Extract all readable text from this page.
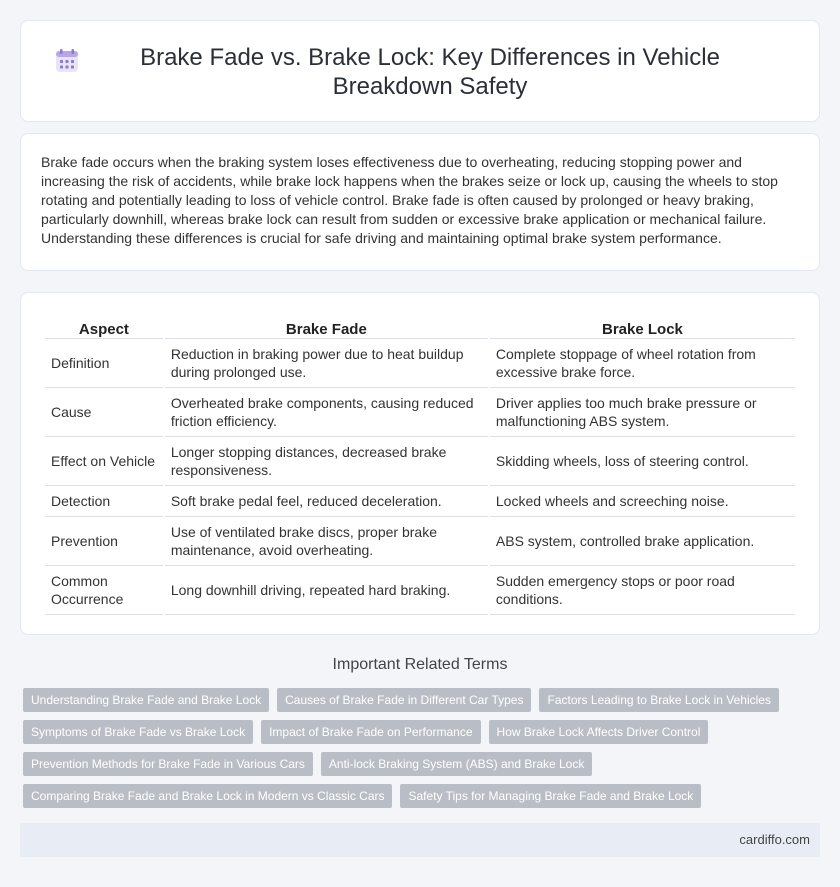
Brake Fade vs. Brake Lock: Key Differences in Vehicle Breakdown Safety

Brake fade occurs when the braking system loses effectiveness due to overheating, reducing stopping power and increasing the risk of accidents, while brake lock happens when the brakes seize or lock up, causing the wheels to stop rotating and potentially leading to loss of vehicle control. Brake fade is often caused by prolonged or heavy braking, particularly downhill, whereas brake lock can result from sudden or excessive brake application or mechanical failure. Understanding these differences is crucial for safe driving and maintaining optimal brake system performance.

Aspect	Brake Fade	Brake Lock
Definition	Reduction in braking power due to heat buildup during prolonged use.	Complete stoppage of wheel rotation from excessive brake force.
Cause	Overheated brake components, causing reduced friction efficiency.	Driver applies too much brake pressure or malfunctioning ABS system.
Effect on Vehicle	Longer stopping distances, decreased brake responsiveness.	Skidding wheels, loss of steering control.
Detection	Soft brake pedal feel, reduced deceleration.	Locked wheels and screeching noise.
Prevention	Use of ventilated brake discs, proper brake maintenance, avoid overheating.	ABS system, controlled brake application.
Common Occurrence	Long downhill driving, repeated hard braking.	Sudden emergency stops or poor road conditions.
Important Related Terms
Understanding Brake Fade and Brake Lock	Causes of Brake Fade in Different Car Types	Factors Leading to Brake Lock in Vehicles
Symptoms of Brake Fade vs Brake Lock	Impact of Brake Fade on Performance	How Brake Lock Affects Driver Control
Prevention Methods for Brake Fade in Various Cars	Anti-lock Braking System (ABS) and Brake Lock
Comparing Brake Fade and Brake Lock in Modern vs Classic Cars	Safety Tips for Managing Brake Fade and Brake Lock
cardiffo.com
